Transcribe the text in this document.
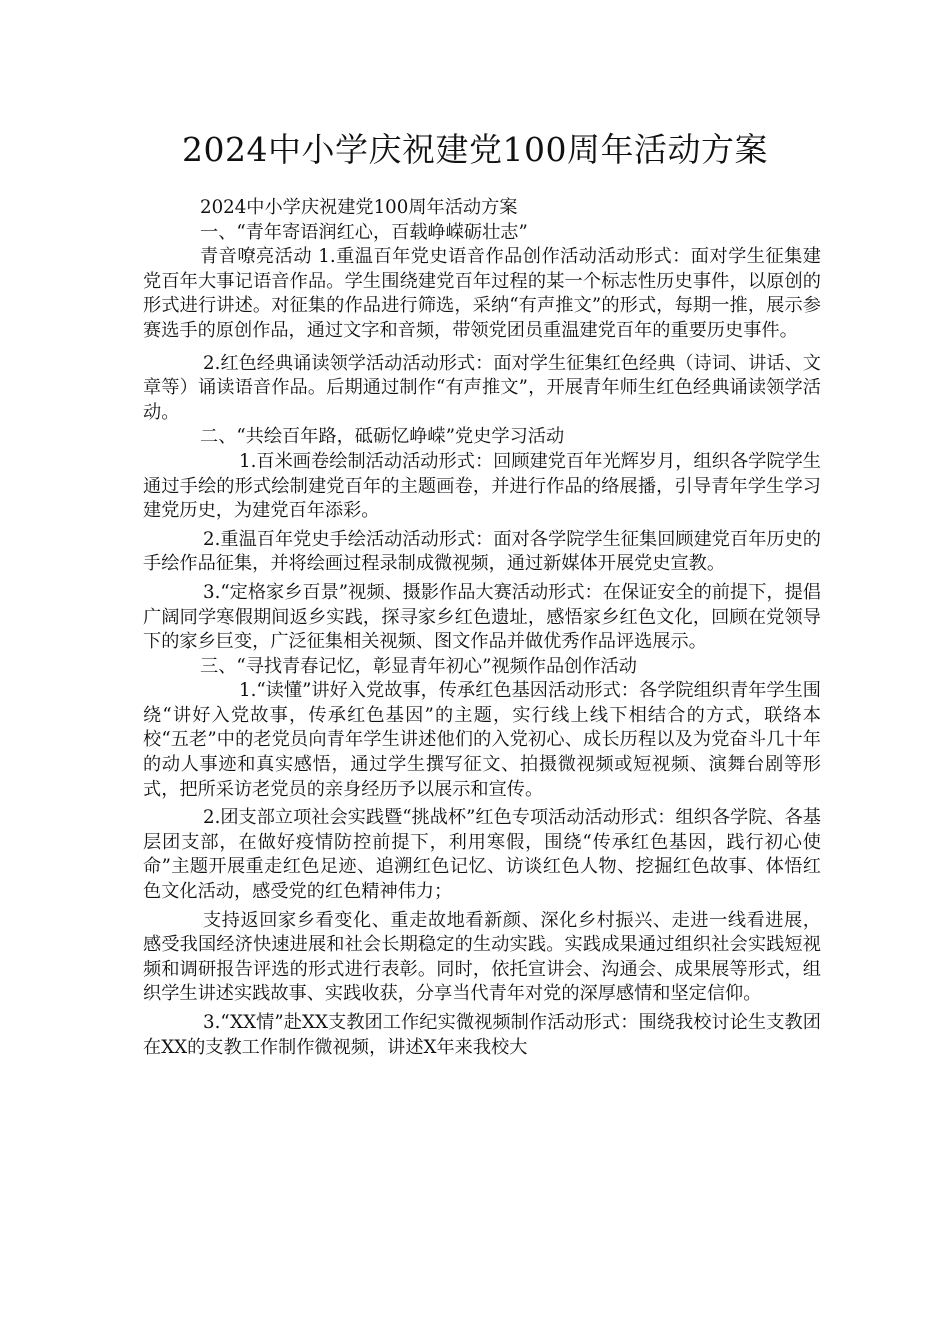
2024中小学庆祝建党100周年活动方案

2024中小学庆祝建党100周年活动方案

一、“青年寄语润红心，百载峥嵘砺壮志”

青音嘹亮活动 1.重温百年党史语音作品创作活动活动形式：面对学生征集建党百年大事记语音作品。学生围绕建党百年过程的某一个标志性历史事件，以原创的形式进行讲述。对征集的作品进行筛选，采纳“有声推文”的形式，每期一推，展示参赛选手的原创作品，通过文字和音频，带领党团员重温建党百年的重要历史事件。

2.红色经典诵读领学活动活动形式：面对学生征集红色经典（诗词、讲话、文章等）诵读语音作品。后期通过制作“有声推文”，开展青年师生红色经典诵读领学活动。

二、“共绘百年路，砥砺忆峥嵘”党史学习活动

1.百米画卷绘制活动活动形式：回顾建党百年光辉岁月，组织各学院学生通过手绘的形式绘制建党百年的主题画卷，并进行作品的络展播，引导青年学生学习建党历史，为建党百年添彩。

2.重温百年党史手绘活动活动形式：面对各学院学生征集回顾建党百年历史的手绘作品征集，并将绘画过程录制成微视频，通过新媒体开展党史宣教。

3.“定格家乡百景”视频、摄影作品大赛活动形式：在保证安全的前提下，提倡广阔同学寒假期间返乡实践，探寻家乡红色遗址，感悟家乡红色文化，回顾在党领导下的家乡巨变，广泛征集相关视频、图文作品并做优秀作品评选展示。

三、“寻找青春记忆，彰显青年初心”视频作品创作活动

1.“读懂”讲好入党故事，传承红色基因活动形式：各学院组织青年学生围绕“讲好入党故事，传承红色基因”的主题，实行线上线下相结合的方式，联络本校“五老”中的老党员向青年学生讲述他们的入党初心、成长历程以及为党奋斗几十年的动人事迹和真实感悟，通过学生撰写征文、拍摄微视频或短视频、演舞台剧等形式，把所采访老党员的亲身经历予以展示和宣传。

2.团支部立项社会实践暨“挑战杯”红色专项活动活动形式：组织各学院、各基层团支部，在做好疫情防控前提下，利用寒假，围绕“传承红色基因，践行初心使命”主题开展重走红色足迹、追溯红色记忆、访谈红色人物、挖掘红色故事、体悟红色文化活动，感受党的红色精神伟力；

支持返回家乡看变化、重走故地看新颜、深化乡村振兴、走进一线看进展，感受我国经济快速进展和社会长期稳定的生动实践。实践成果通过组织社会实践短视频和调研报告评选的形式进行表彰。同时，依托宣讲会、沟通会、成果展等形式，组织学生讲述实践故事、实践收获，分享当代青年对党的深厚感情和坚定信仰。

3.“XX情”赴XX支教团工作纪实微视频制作活动形式：围绕我校讨论生支教团在XX的支教工作制作微视频，讲述X年来我校大
